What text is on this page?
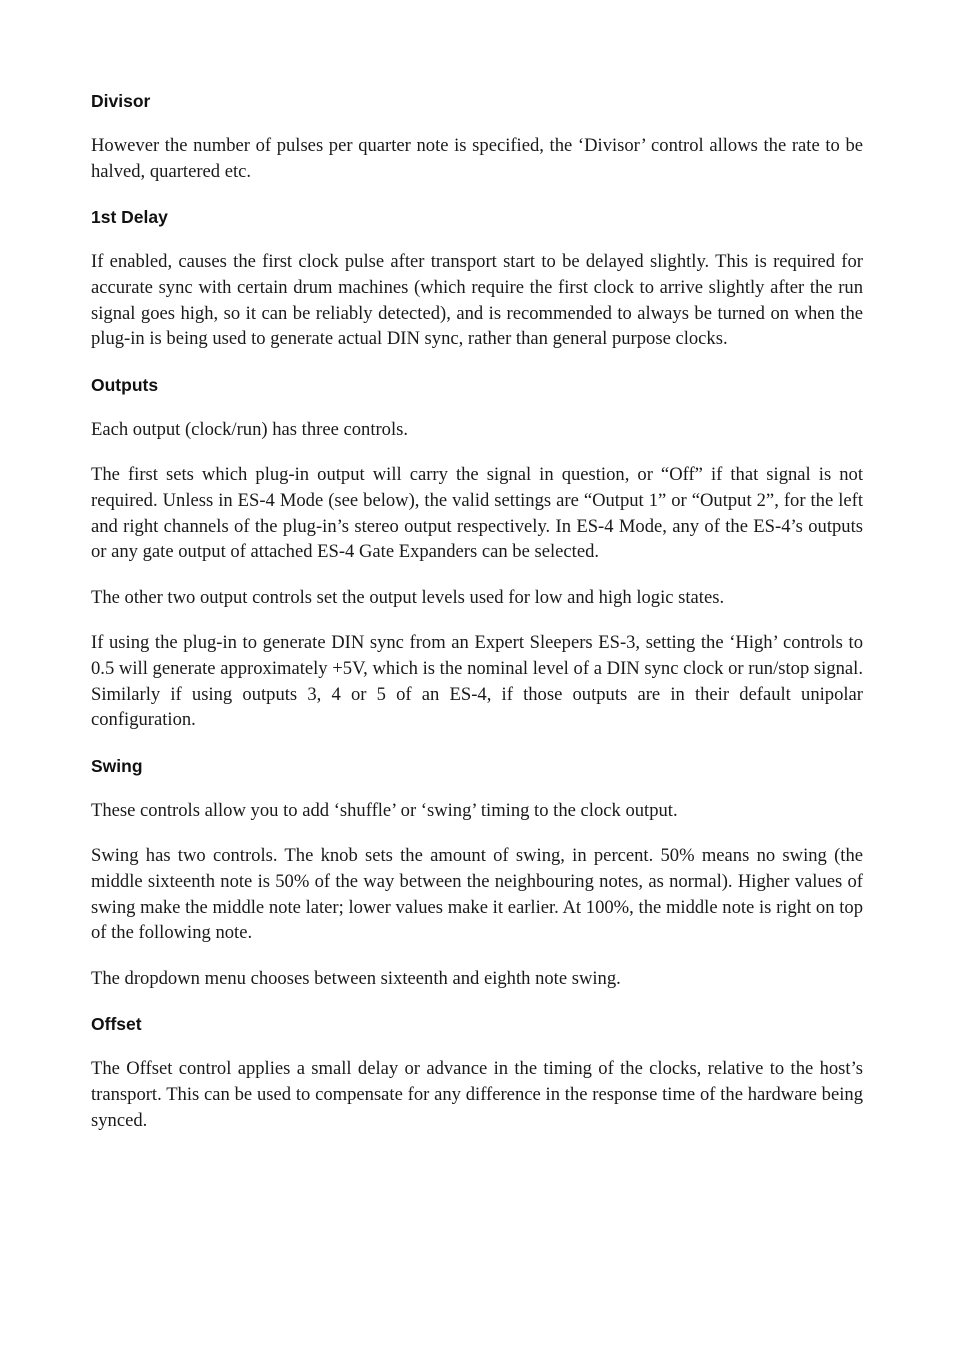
Divisor

However the number of pulses per quarter note is specified, the ‘Divisor’ control allows the rate to be halved, quartered etc.

1st Delay

If enabled, causes the first clock pulse after transport start to be delayed slightly. This is required for accurate sync with certain drum machines (which require the first clock to arrive slightly after the run signal goes high, so it can be reliably detected), and is recommended to always be turned on when the plug-in is being used to generate actual DIN sync, rather than general purpose clocks.

Outputs

Each output (clock/run) has three controls.

The first sets which plug-in output will carry the signal in question, or “Off” if that signal is not required. Unless in ES-4 Mode (see below), the valid settings are “Output 1” or “Output 2”, for the left and right channels of the plug-in’s stereo output respectively. In ES-4 Mode, any of the ES-4’s outputs or any gate output of attached ES-4 Gate Expanders can be selected.

The other two output controls set the output levels used for low and high logic states.

If using the plug-in to generate DIN sync from an Expert Sleepers ES-3, setting the ‘High’ controls to 0.5 will generate approximately +5V, which is the nominal level of a DIN sync clock or run/stop signal. Similarly if using outputs 3, 4 or 5 of an ES-4, if those outputs are in their default unipolar configuration.

Swing

These controls allow you to add ‘shuffle’ or ‘swing’ timing to the clock output.

Swing has two controls. The knob sets the amount of swing, in percent. 50% means no swing (the middle sixteenth note is 50% of the way between the neighbouring notes, as normal). Higher values of swing make the middle note later; lower values make it earlier. At 100%, the middle note is right on top of the following note.

The dropdown menu chooses between sixteenth and eighth note swing.

Offset

The Offset control applies a small delay or advance in the timing of the clocks, relative to the host’s transport. This can be used to compensate for any difference in the response time of the hardware being synced.
